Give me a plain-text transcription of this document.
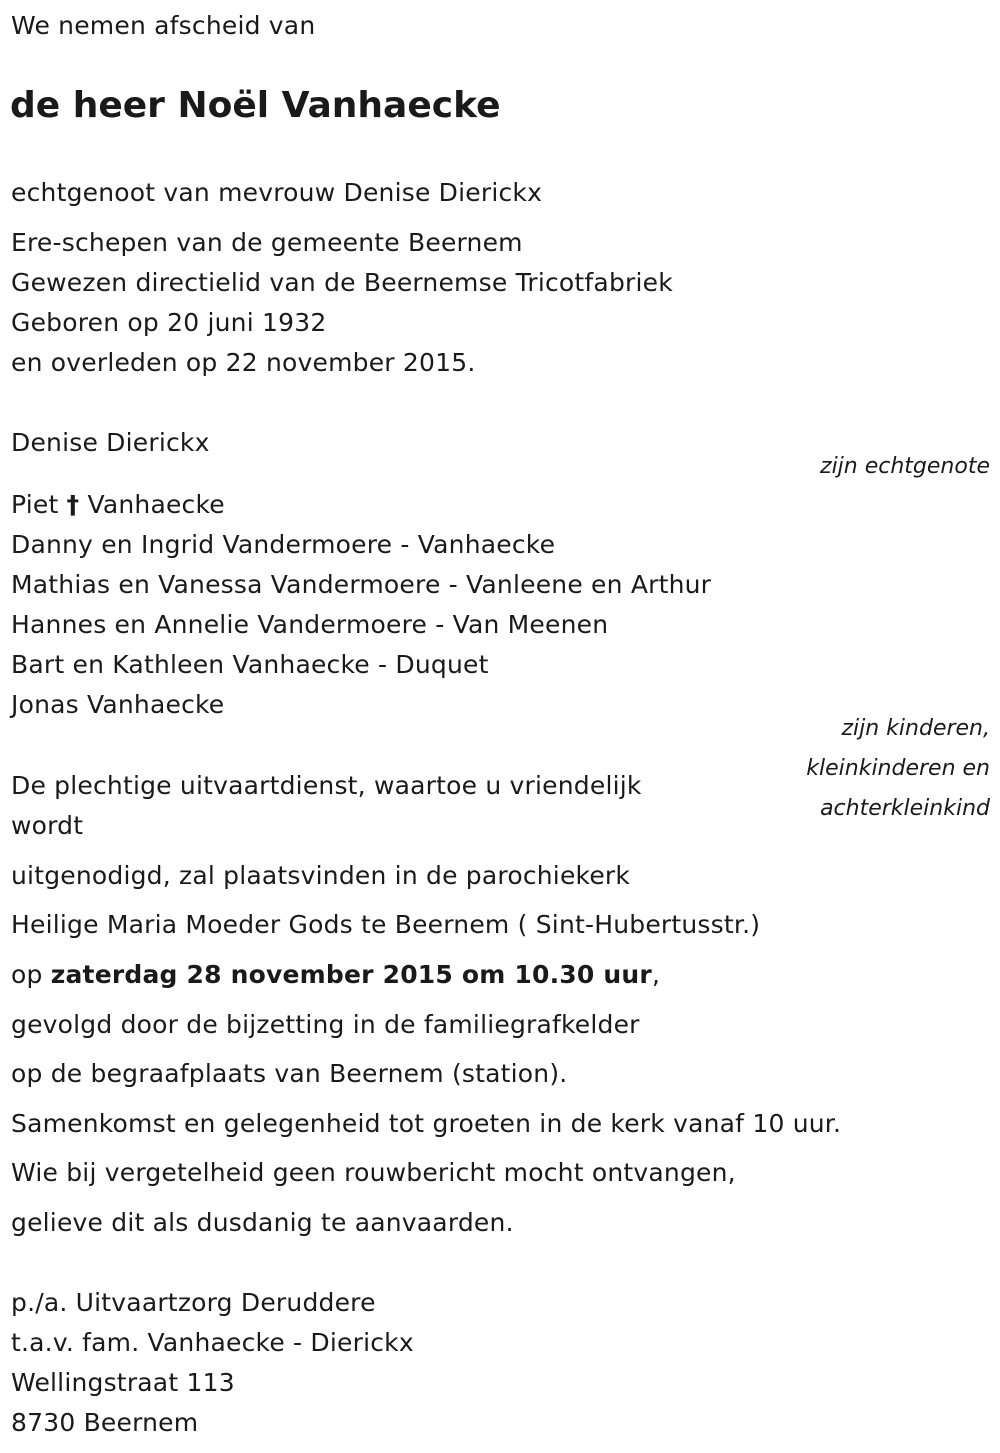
We nemen afscheid van
de heer Noël Vanhaecke
echtgenoot van mevrouw Denise Dierickx
Ere-schepen van de gemeente Beernem
Gewezen directielid van de Beernemse Tricotfabriek
Geboren op 20 juni 1932
en overleden op 22 november 2015.
Denise Dierickx
zijn echtgenote
Piet † Vanhaecke
Danny en Ingrid Vandermoere - Vanhaecke
Mathias en Vanessa Vandermoere - Vanleene en Arthur
Hannes en Annelie Vandermoere - Van Meenen
Bart en Kathleen Vanhaecke - Duquet
Jonas Vanhaecke
zijn kinderen,
kleinkinderen en
achterkleinkind
De plechtige uitvaartdienst, waartoe u vriendelijk
wordt
uitgenodigd, zal plaatsvinden in de parochiekerk
Heilige Maria Moeder Gods te Beernem ( Sint-Hubertusstr.)
op zaterdag 28 november 2015 om 10.30 uur,
gevolgd door de bijzetting in de familiegrafkelder
op de begraafplaats van Beernem (station).
Samenkomst en gelegenheid tot groeten in de kerk vanaf 10 uur.
Wie bij vergetelheid geen rouwbericht mocht ontvangen,
gelieve dit als dusdanig te aanvaarden.
p./a. Uitvaartzorg Deruddere
t.a.v. fam. Vanhaecke - Dierickx
Wellingstraat 113
8730 Beernem
